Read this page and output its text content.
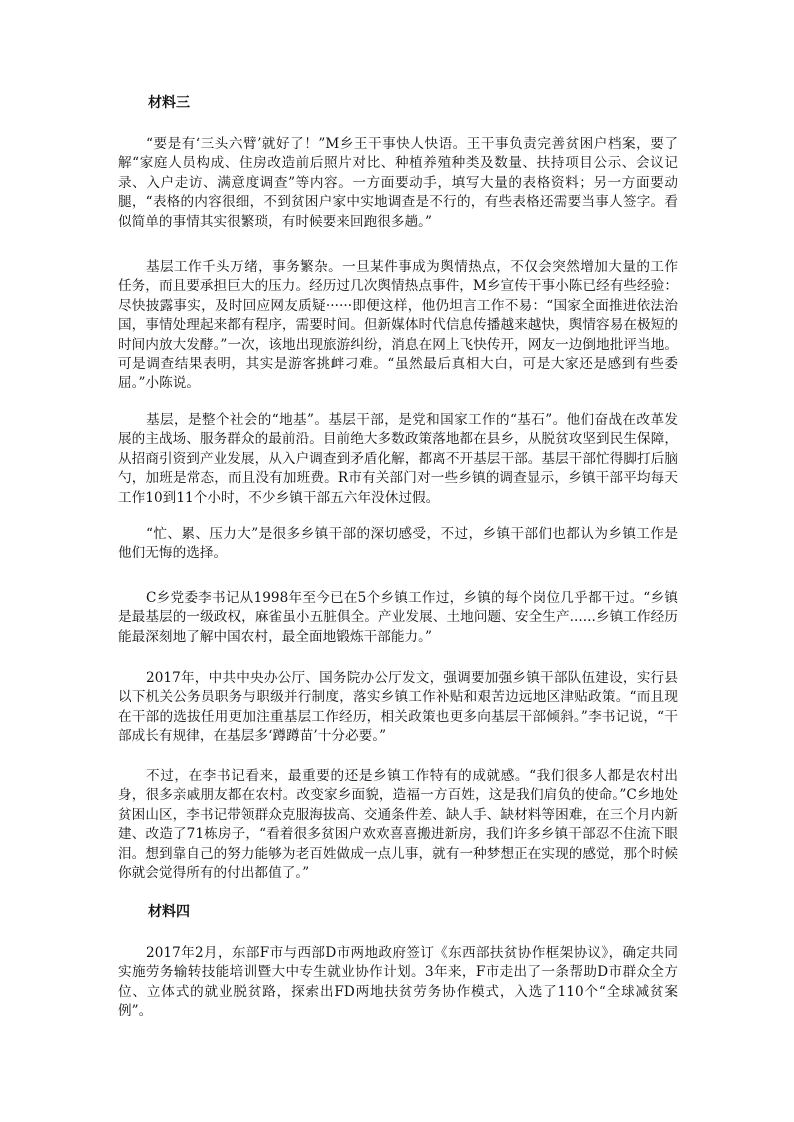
材料三

“要是有‘三头六臂’就好了！”M乡王干事快人快语。王干事负责完善贫困户档案，要了解“家庭人员构成、住房改造前后照片对比、种植养殖种类及数量、扶持项目公示、会议记录、入户走访、满意度调查”等内容。一方面要动手，填写大量的表格资料；另一方面要动腿，“表格的内容很细，不到贫困户家中实地调查是不行的，有些表格还需要当事人签字。看似简单的事情其实很繁琐，有时候要来回跑很多趟。”

基层工作千头万绪，事务繁杂。一旦某件事成为舆情热点，不仅会突然增加大量的工作任务，而且要承担巨大的压力。经历过几次舆情热点事件，M乡宣传干事小陈已经有些经验：尽快披露事实，及时回应网友质疑······即便这样，他仍坦言工作不易：“国家全面推进依法治国，事情处理起来都有程序，需要时间。但新媒体时代信息传播越来越快，舆情容易在极短的时间内放大发酵。”一次，该地出现旅游纠纷，消息在网上飞快传开，网友一边倒地批评当地。可是调查结果表明，其实是游客挑衅刁难。“虽然最后真相大白，可是大家还是感到有些委屈。”小陈说。

基层，是整个社会的“地基”。基层干部，是党和国家工作的“基石”。他们奋战在改革发展的主战场、服务群众的最前沿。目前绝大多数政策落地都在县乡，从脱贫攻坚到民生保障，从招商引资到产业发展，从入户调查到矛盾化解，都离不开基层干部。基层干部忙得脚打后脑勺，加班是常态，而且没有加班费。R市有关部门对一些乡镇的调查显示，乡镇干部平均每天工作10到11个小时，不少乡镇干部五六年没休过假。

“忙、累、压力大”是很多乡镇干部的深切感受，不过，乡镇干部们也都认为乡镇工作是他们无悔的选择。

C乡党委李书记从1998年至今已在5个乡镇工作过，乡镇的每个岗位几乎都干过。“乡镇是最基层的一级政权，麻雀虽小五脏俱全。产业发展、土地问题、安全生产......乡镇工作经历能最深刻地了解中国农村，最全面地锻炼干部能力。”

2017年，中共中央办公厅、国务院办公厅发文，强调要加强乡镇干部队伍建设，实行县以下机关公务员职务与职级并行制度，落实乡镇工作补贴和艰苦边远地区津贴政策。“而且现在干部的选拔任用更加注重基层工作经历，相关政策也更多向基层干部倾斜。”李书记说，“干部成长有规律，在基层多‘蹲蹲苗’十分必要。”

不过，在李书记看来，最重要的还是乡镇工作特有的成就感。“我们很多人都是农村出身，很多亲戚朋友都在农村。改变家乡面貌，造福一方百姓，这是我们肩负的使命。”C乡地处贫困山区，李书记带领群众克服海拔高、交通条件差、缺人手、缺材料等困难，在三个月内新建、改造了71栋房子，“看着很多贫困户欢欢喜喜搬进新房，我们许多乡镇干部忍不住流下眼泪。想到靠自己的努力能够为老百姓做成一点儿事，就有一种梦想正在实现的感觉，那个时候你就会觉得所有的付出都值了。”

材料四

2017年2月，东部F市与西部D市两地政府签订《东西部扶贫协作框架协议》，确定共同实施劳务输转技能培训暨大中专生就业协作计划。3年来，F市走出了一条帮助D市群众全方位、立体式的就业脱贫路，探索出FD两地扶贫劳务协作模式，入选了110个“全球减贫案例”。
